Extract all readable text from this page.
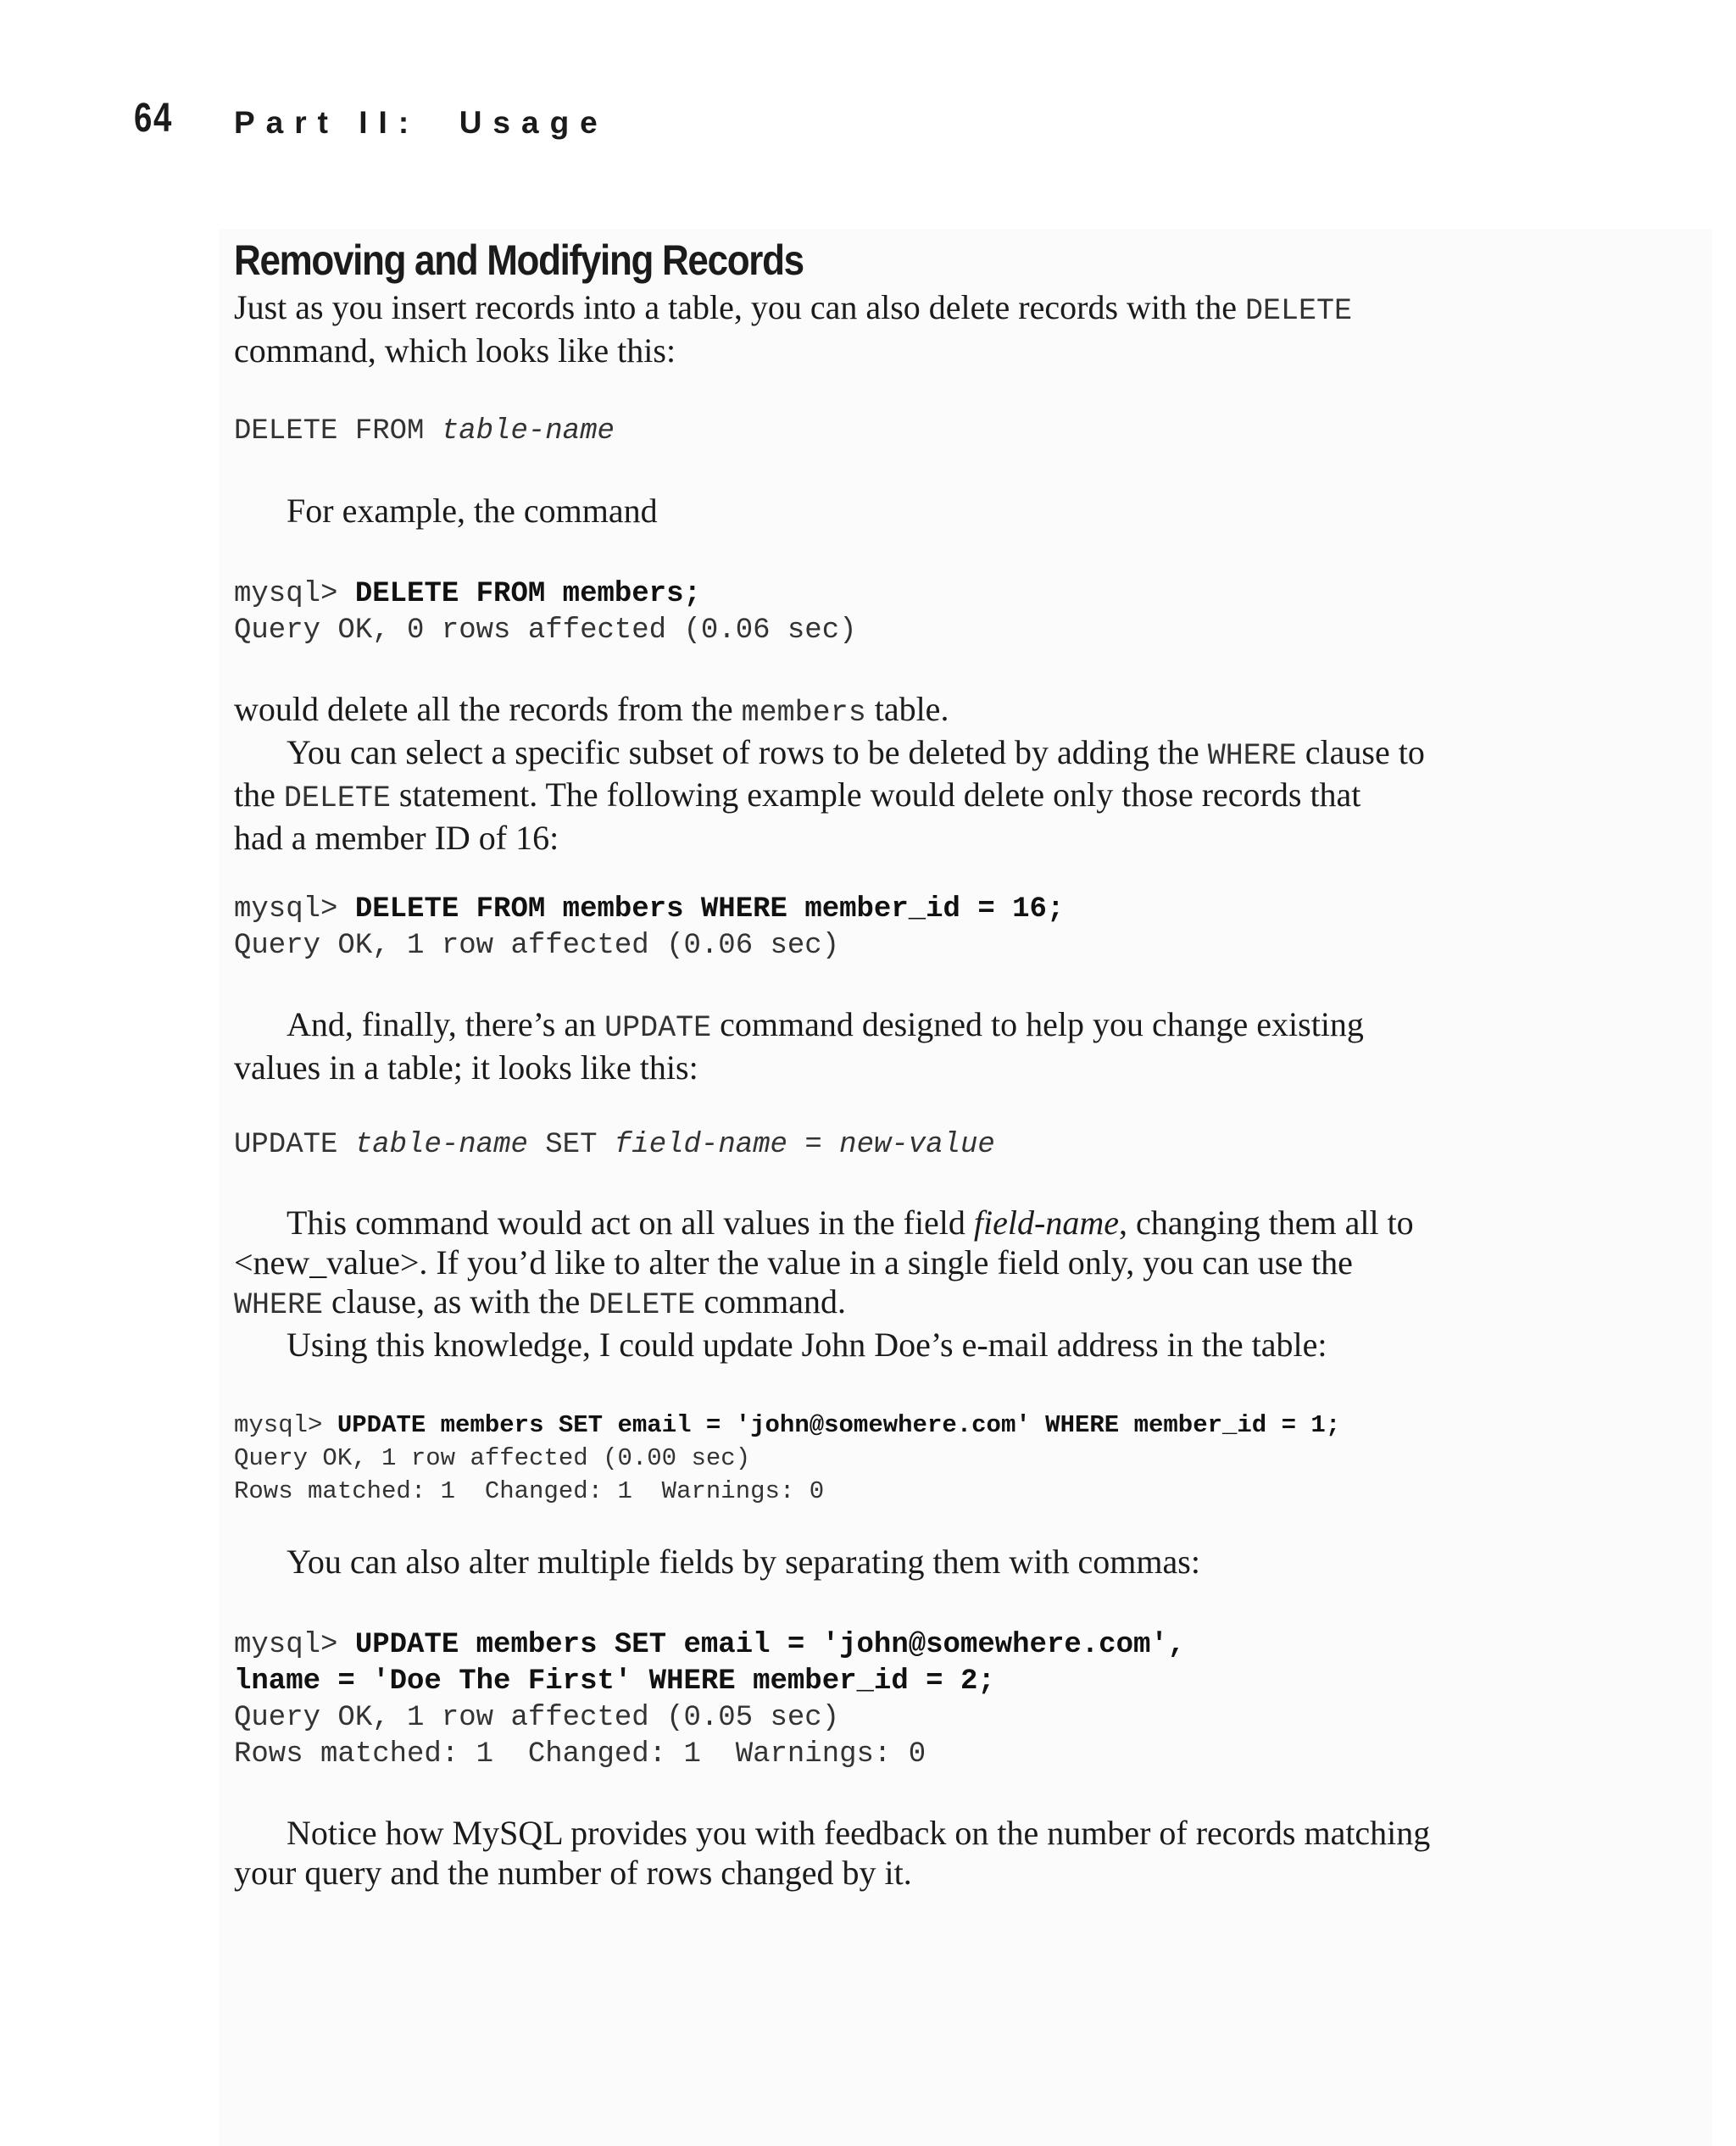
64 Part II:  Usage
Removing and Modifying Records

Just as you insert records into a table, you can also delete records with the DELETE
command, which looks like this:

DELETE FROM table-name

For example, the command

mysql> DELETE FROM members;
Query OK, 0 rows affected (0.06 sec)

would delete all the records from the members table.
You can select a specific subset of rows to be deleted by adding the WHERE clause to
the DELETE statement. The following example would delete only those records that
had a member ID of 16:

mysql> DELETE FROM members WHERE member_id = 16;
Query OK, 1 row affected (0.06 sec)

And, finally, there’s an UPDATE command designed to help you change existing
values in a table; it looks like this:

UPDATE table-name SET field-name = new-value

This command would act on all values in the field field-name, changing them all to
<new_value>. If you’d like to alter the value in a single field only, you can use the
WHERE clause, as with the DELETE command.
Using this knowledge, I could update John Doe’s e-mail address in the table:

mysql> UPDATE members SET email = 'john@somewhere.com' WHERE member_id = 1;
Query OK, 1 row affected (0.00 sec)
Rows matched: 1  Changed: 1  Warnings: 0

You can also alter multiple fields by separating them with commas:

mysql> UPDATE members SET email = 'john@somewhere.com',
lname = 'Doe The First' WHERE member_id = 2;
Query OK, 1 row affected (0.05 sec)
Rows matched: 1  Changed: 1  Warnings: 0

Notice how MySQL provides you with feedback on the number of records matching
your query and the number of rows changed by it.
